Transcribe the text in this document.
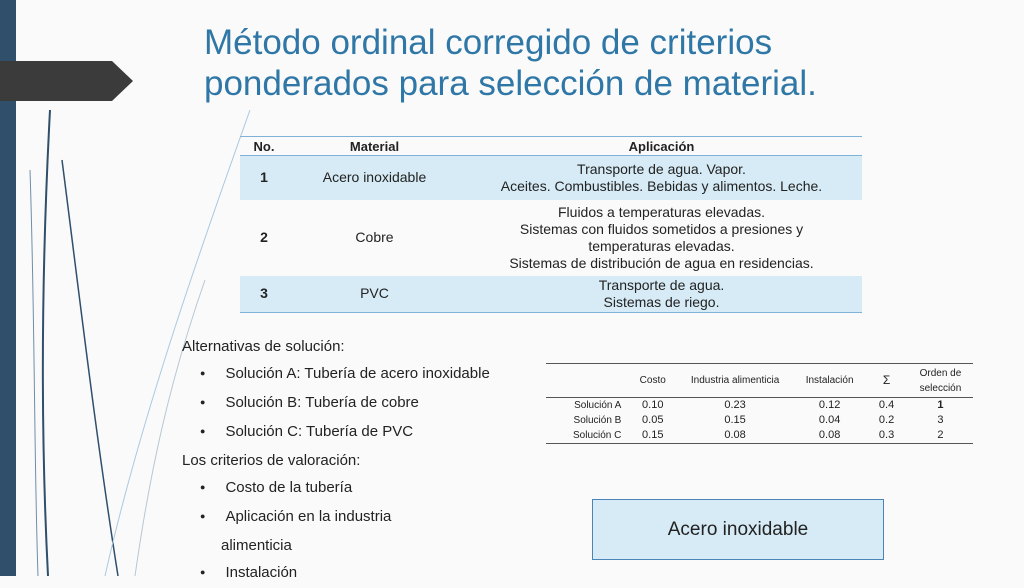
Método ordinal corregido de criterios
ponderados para selección de material.
No.	Material	Aplicación
1	Acero inoxidable	Transporte de agua. Vapor.
Aceites. Combustibles. Bebidas y alimentos. Leche.

2	Cobre	Fluidos a temperaturas elevadas.
Sistemas con fluidos sometidos a presiones y
temperaturas elevadas.
Sistemas de distribución de agua en residencias.

3	PVC	Transporte de agua.
Sistemas de riego.
Alternativas de solución:
● Solución A: Tubería de acero inoxidable
● Solución B: Tubería de cobre
● Solución C: Tubería de PVC
Los criterios de valoración:
● Costo de la tubería
● Aplicación en la industria
alimenticia
● Instalación
	Costo	Industria alimenticia	Instalación	Σ	Orden de selección
Solución A	0.10	0.23	0.12	0.4	1
Solución B	0.05	0.15	0.04	0.2	3
Solución C	0.15	0.08	0.08	0.3	2
Acero inoxidable
